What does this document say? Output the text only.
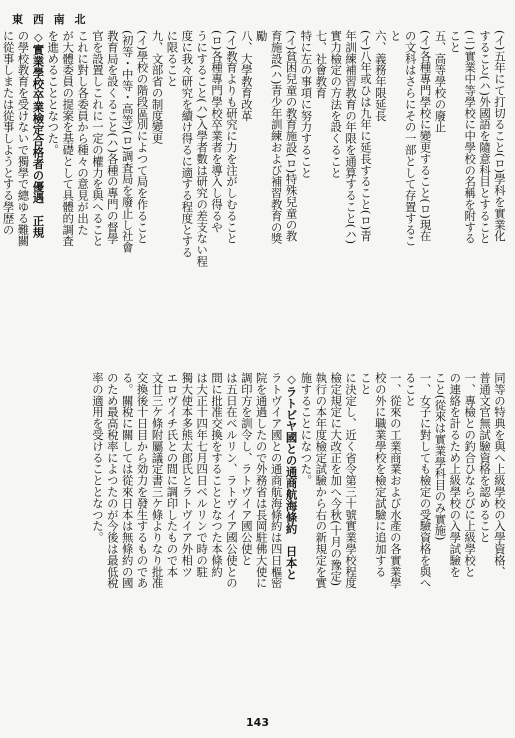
東 西 南 北
(イ)五年にて打切ること(ロ)學科を實業化
すること(ハ)外國語を隨意科目とすること
(ニ)實業中等學校に中學校の名稱を附する
こと
五、高等學校の廢止
(イ)各種專門學校に變更すること(ロ)現在
の文科はさらにその一部として存置するこ
と
六、義務年限延長
(イ)八年或ひは九年に延長すること(ロ)青
年訓練補習教育の年限を通算すること(ハ)
實力檢定の方法を設くること
七、社會教育
特に左の事項に努力すること
(イ)貧困兒童の教育施設(ロ)特殊兒童の教
育施設(ハ)青少年訓練および補習教育の獎
勵
八、大學教育改革
(イ)教育よりも研究に力を注がしむること
(ロ)各種專門學校卒業者を導入し得るや
うにすること(ハ)入學者數は研究の差支ない程
度に我々研究を續け得るに適する程度とする
に限ること
九、文部省の制度變更
(イ)學校の階段區別によつて局を作ること
(初等・中等・高等)(ロ)調査局を廢止し社會
教育局を設くること(ハ)各種の專門の督學
官を設置しこれに一定の權力を與へること
これに對し各委員から種々の意見が出た
が大體委員の提案を基礎として具體的調査
を進めることとなつた。
◇實業學校卒業檢定合格者の優遇　正規
の學校教育を受けないで獨學で總ゆる難關
に從事しまたは從事しようとする學歴の
同等の特典を與へ上級學校の入學資格、
普通文官無試驗資格を認めること
一、專檢との釣合ひならびに上級學校と
の連絡を計るため上級學校の入學試驗を
こと(從來は實業學科目のみ實施)
一、女子に對しても檢定の受驗資格を與へ
ること
一、從來の工業商業および水產の各實業學
校の外に職業學校を檢定試驗に追加する
こと
に決定し、近く省令第三十號實業學校程度
檢定規定に大改正を加へ今秋(十月の豫定)
執行の本年度檢定試驗から右の新規定を實
施することになつた。
◇ラトビヤ國との通商航海條約　日本と
ラトヴイア國との通商航海條約は四日樞密
院を通過したので外務省は長岡駐佛大使に
調印方を訓令し、ラトヴイア國公使と
は五日在ベルリン、ラトヴイア國公使との
間に批准交換をすることとなつた本條約
は大正十四年七月四日ベルリンで時の駐
獨大使本多熊太郎氏とラトヴイア外相ツ
エロヴイチ氏との間に調印したもので本
文廿三ケ條附屬議定書三ケ條よりなり批准
交換後十日目から効力を發生するものであ
る。關稅に關しては從來日本は無條約の國
のため最高稅率によつたのが今後は最低稅
率の適用を受けることとなつた。
143
